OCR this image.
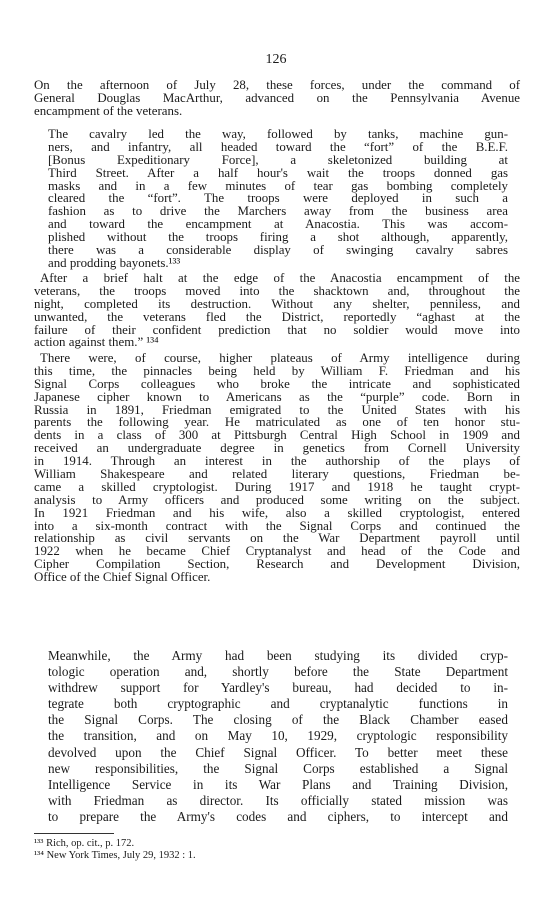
126
On the afternoon of July 28, these forces, under the command of
General Douglas MacArthur, advanced on the Pennsylvania Avenue
encampment of the veterans.
The cavalry led the way, followed by tanks, machine gun-
ners, and infantry, all headed toward the “fort” of the B.E.F.
[Bonus Expeditionary Force], a skeletonized building at
Third Street. After a half hour's wait the troops donned gas
masks and in a few minutes of tear gas bombing completely
cleared the “fort”. The troops were deployed in such a
fashion as to drive the Marchers away from the business area
and toward the encampment at Anacostia. This was accom-
plished without the troops firing a shot although, apparently,
there was a considerable display of swinging cavalry sabres
and prodding bayonets.¹³³
After a brief halt at the edge of the Anacostia encampment of the
veterans, the troops moved into the shacktown and, throughout the
night, completed its destruction. Without any shelter, penniless, and
unwanted, the veterans fled the District, reportedly “aghast at the
failure of their confident prediction that no soldier would move into
action against them.” ¹³⁴
There were, of course, higher plateaus of Army intelligence during
this time, the pinnacles being held by William F. Friedman and his
Signal Corps colleagues who broke the intricate and sophisticated
Japanese cipher known to Americans as the “purple” code. Born in
Russia in 1891, Friedman emigrated to the United States with his
parents the following year. He matriculated as one of ten honor stu-
dents in a class of 300 at Pittsburgh Central High School in 1909 and
received an undergraduate degree in genetics from Cornell University
in 1914. Through an interest in the authorship of the plays of
William Shakespeare and related literary questions, Friedman be-
came a skilled cryptologist. During 1917 and 1918 he taught crypt-
analysis to Army officers and produced some writing on the subject.
In 1921 Friedman and his wife, also a skilled cryptologist, entered
into a six-month contract with the Signal Corps and continued the
relationship as civil servants on the War Department payroll until
1922 when he became Chief Cryptanalyst and head of the Code and
Cipher Compilation Section, Research and Development Division,
Office of the Chief Signal Officer.
Meanwhile, the Army had been studying its divided cryp-
tologic operation and, shortly before the State Department
withdrew support for Yardley's bureau, had decided to in-
tegrate both cryptographic and cryptanalytic functions in
the Signal Corps. The closing of the Black Chamber eased
the transition, and on May 10, 1929, cryptologic responsibility
devolved upon the Chief Signal Officer. To better meet these
new responsibilities, the Signal Corps established a Signal
Intelligence Service in its War Plans and Training Division,
with Friedman as director. Its officially stated mission was
to prepare the Army's codes and ciphers, to intercept and
¹³³ Rich, op. cit., p. 172.
¹³⁴ New York Times, July 29, 1932 : 1.
